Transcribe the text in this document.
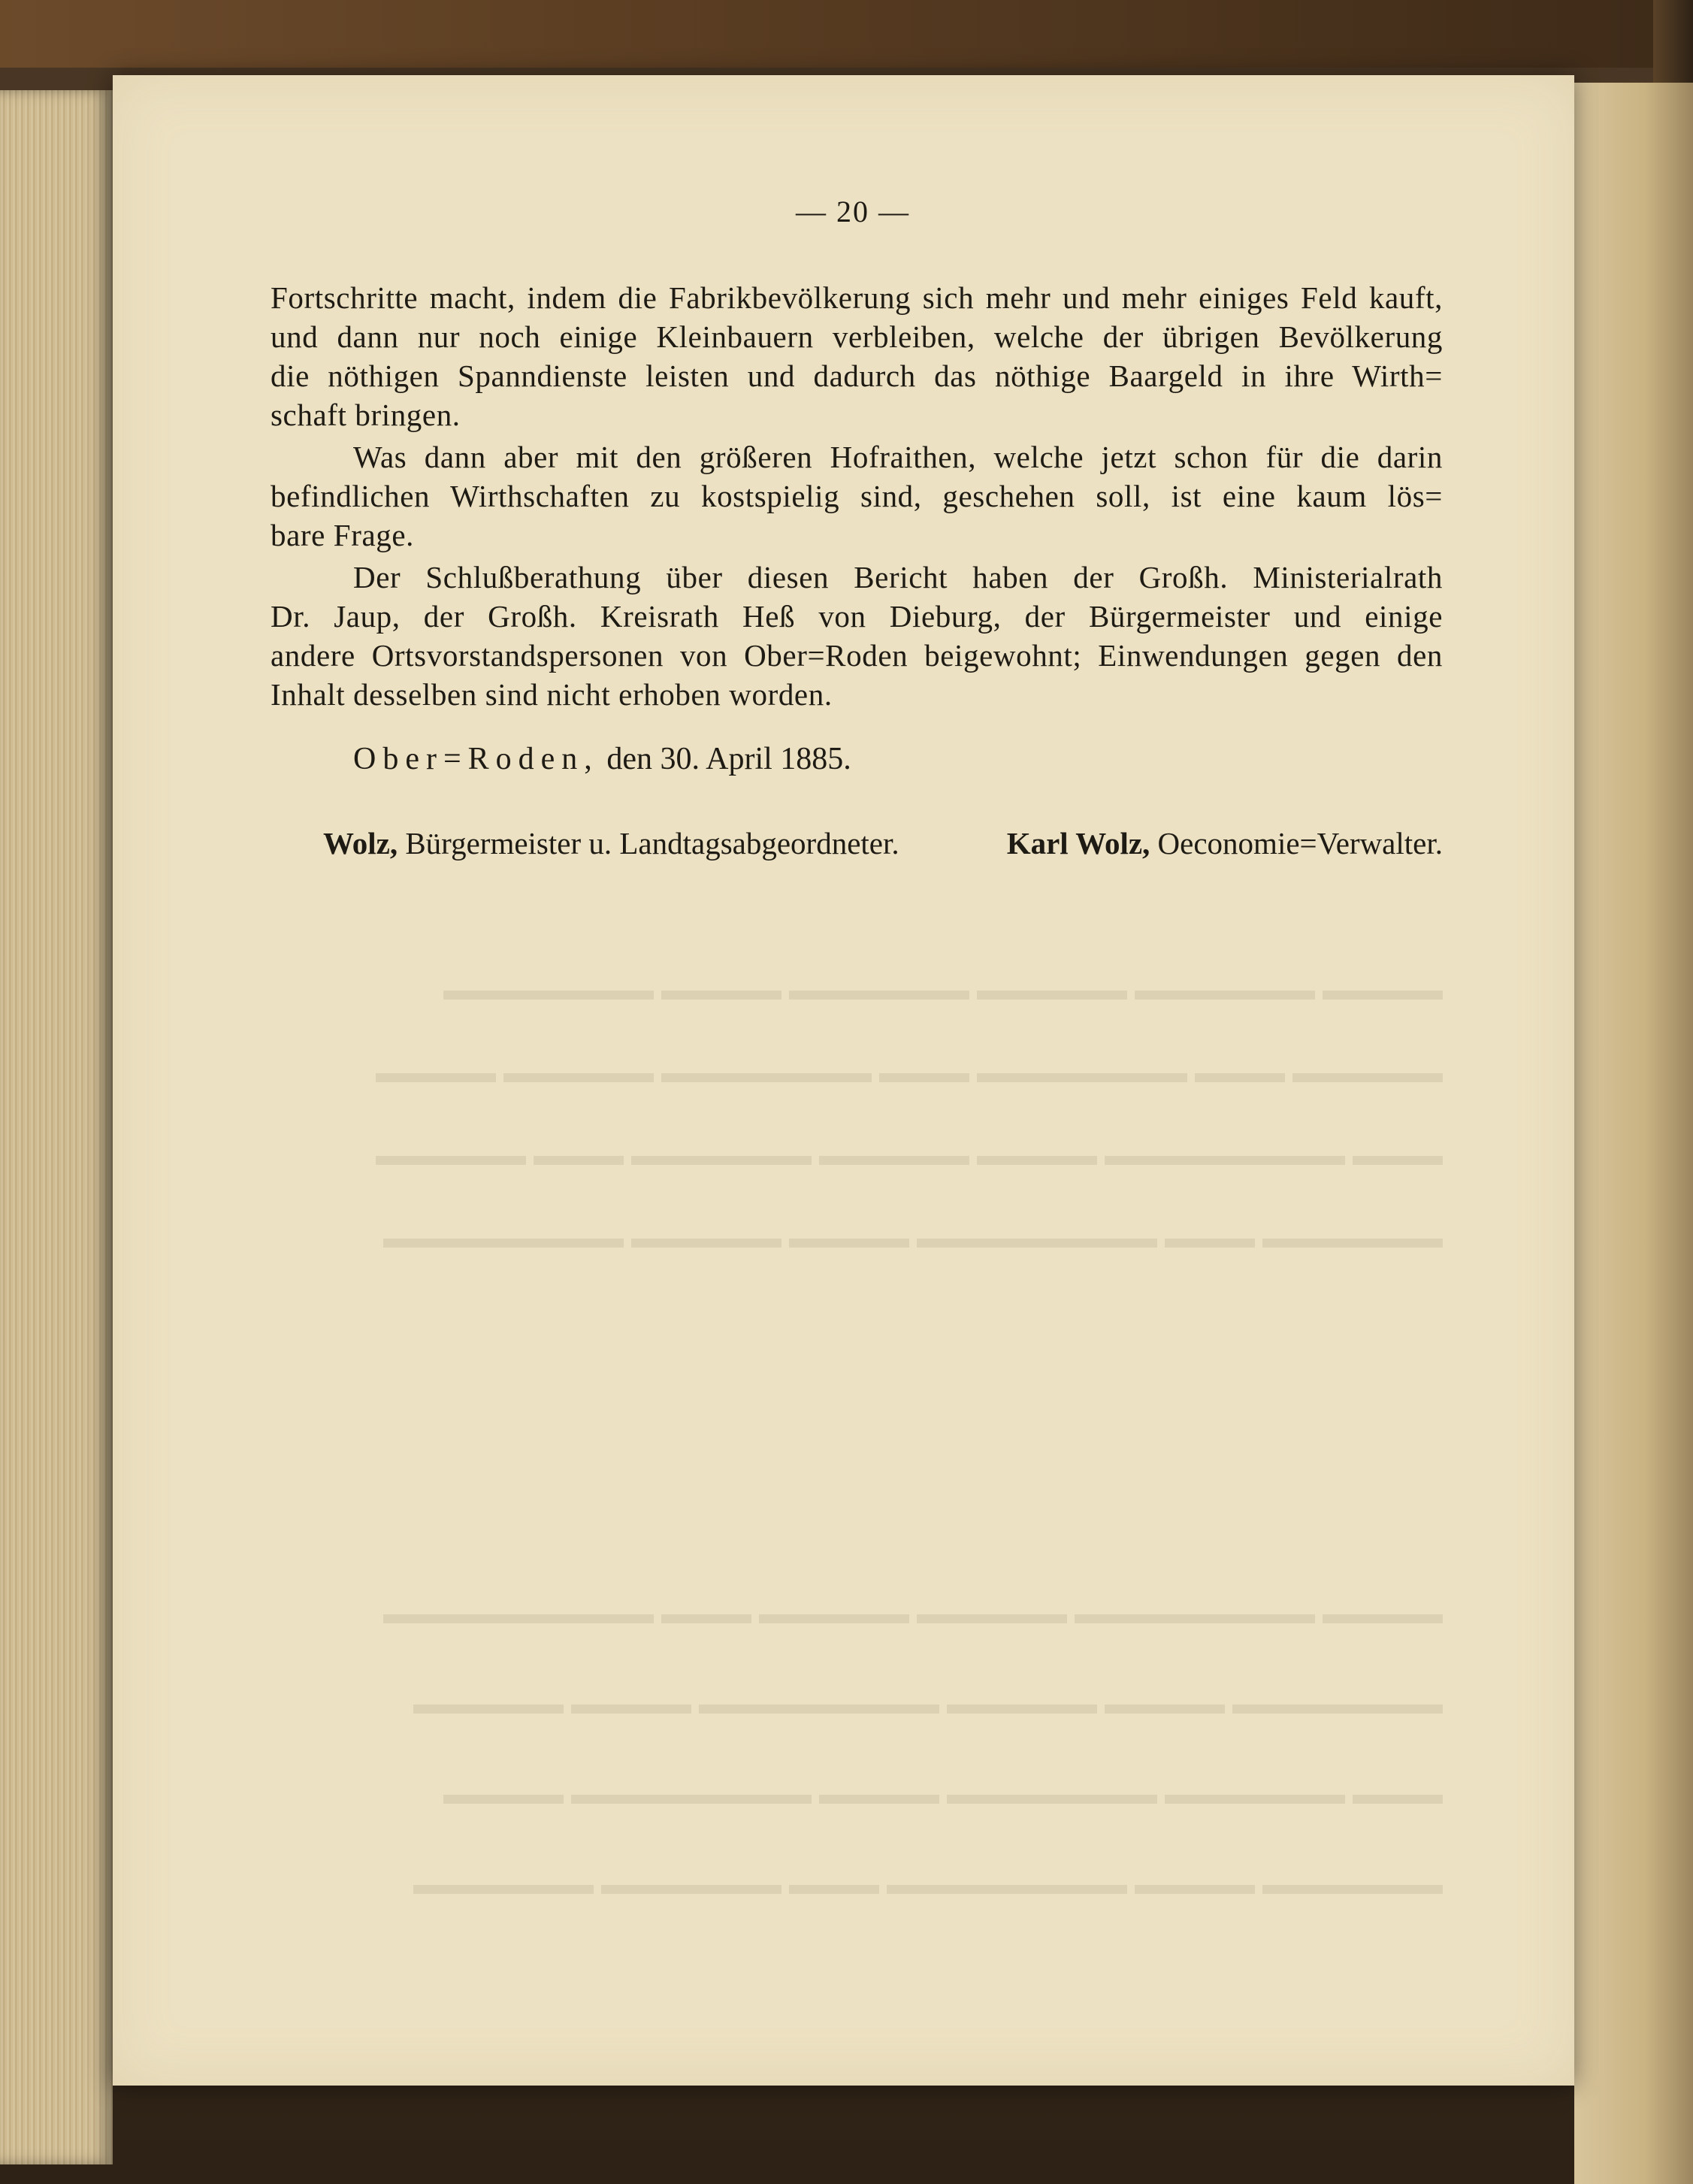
▬▬▬▬ ▬▬▬▬▬▬ ▬▬▬▬▬ ▬▬▬▬▬▬ ▬▬▬▬ ▬▬▬▬▬▬▬
▬▬▬▬▬ ▬▬▬ ▬▬▬▬▬▬▬ ▬▬▬ ▬▬▬▬▬▬▬ ▬▬▬▬▬ ▬▬▬▬
▬▬▬ ▬▬▬▬▬▬▬▬ ▬▬▬▬ ▬▬▬▬▬ ▬▬▬▬▬▬ ▬▬▬ ▬▬▬▬▬
▬▬▬▬▬▬ ▬▬▬ ▬▬▬▬▬▬▬▬ ▬▬▬▬ ▬▬▬▬▬ ▬▬▬▬▬▬▬▬
▬▬▬▬ ▬▬▬▬▬▬▬▬ ▬▬▬▬▬ ▬▬▬▬▬ ▬▬▬ ▬▬▬▬▬▬▬▬▬
▬▬▬▬▬▬▬ ▬▬▬▬ ▬▬▬▬▬ ▬▬▬▬▬▬▬▬ ▬▬▬▬ ▬▬▬▬▬
▬▬▬ ▬▬▬▬▬▬ ▬▬▬▬▬▬▬ ▬▬▬▬ ▬▬▬▬▬▬▬▬ ▬▬▬▬
▬▬▬▬▬▬ ▬▬▬▬ ▬▬▬▬▬▬▬▬ ▬▬▬ ▬▬▬▬▬▬ ▬▬▬▬▬▬
— 20 —
Fortschritte macht, indem die Fabrikbevölkerung sich mehr und mehr einiges Feld kauft,
und dann nur noch einige Kleinbauern verbleiben, welche der übrigen Bevölkerung
die nöthigen Spanndienste leisten und dadurch das nöthige Baargeld in ihre Wirth=
schaft bringen.
Was dann aber mit den größeren Hofraithen, welche jetzt schon für die darin
befindlichen Wirthschaften zu kostspielig sind, geschehen soll, ist eine kaum lös=
bare Frage.
Der Schlußberathung über diesen Bericht haben der Großh. Ministerialrath
Dr. Jaup, der Großh. Kreisrath Heß von Dieburg, der Bürgermeister und einige
andere Ortsvorstandspersonen von Ober=Roden beigewohnt; Einwendungen gegen den
Inhalt desselben sind nicht erhoben worden.
Ober=Roden, den 30. April 1885.
Wolz, Bürgermeister u. Landtagsabgeordneter.	Karl Wolz, Oeconomie=Verwalter.
